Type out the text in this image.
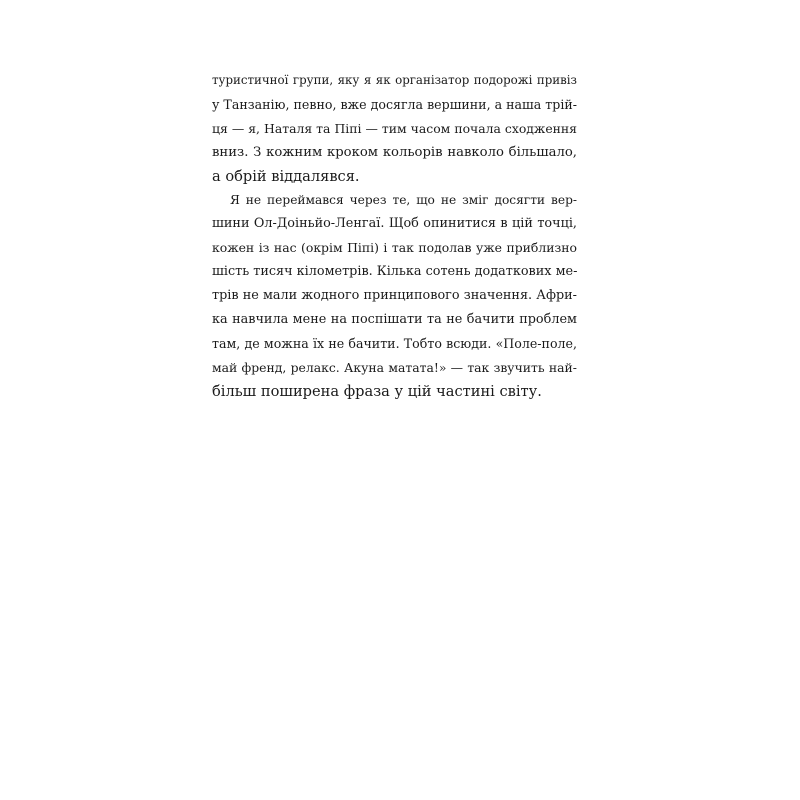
туристичної групи, яку я як організатор подорожі привіз
у Танзанію, певно, вже досягла вершини, а наша трій-
ця — я, Наталя та Піпі — тим часом почала сходження
вниз. З кожним кроком кольорів навколо більшало,
а обрій віддалявся.

Я не переймався через те, що не зміг досягти вер-
шини Ол-Доіньйо-Ленгаї. Щоб опинитися в цій точці,
кожен із нас (окрім Піпі) і так подолав уже приблизно
шість тисяч кілометрів. Кілька сотень додаткових ме-
трів не мали жодного принципового значення. Афри-
ка навчила мене на поспішати та не бачити проблем
там, де можна їх не бачити. Тобто всюди. «Поле-поле,
май френд, релакс. Акуна матата!» — так звучить най-
більш поширена фраза у цій частині світу.
